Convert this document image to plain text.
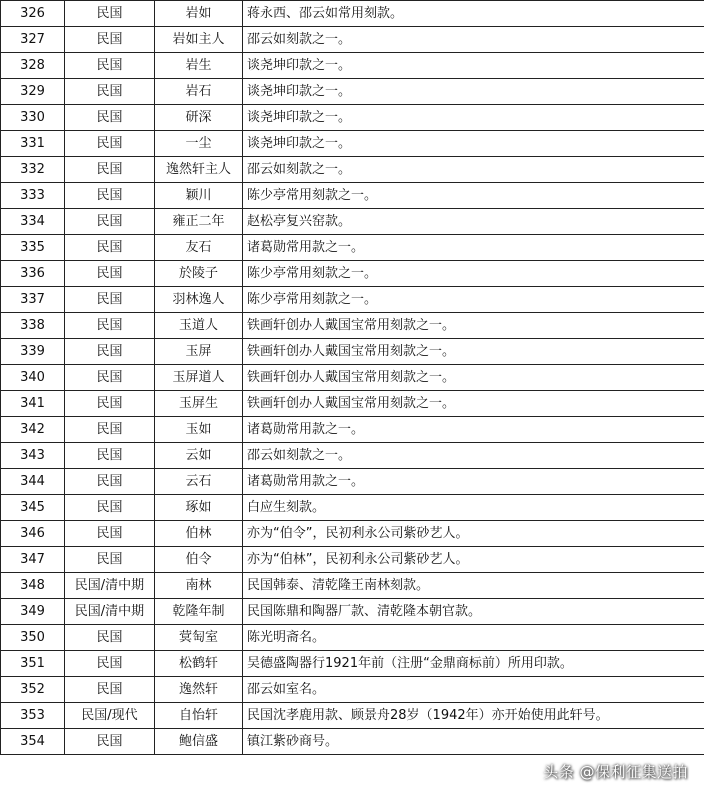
326	民国	岩如	蒋永西、邵云如常用刻款。
327	民国	岩如主人	邵云如刻款之一。
328	民国	岩生	谈尧坤印款之一。
329	民国	岩石	谈尧坤印款之一。
330	民国	研深	谈尧坤印款之一。
331	民国	一尘	谈尧坤印款之一。
332	民国	逸然轩主人	邵云如刻款之一。
333	民国	颖川	陈少亭常用刻款之一。
334	民国	雍正二年	赵松亭复兴窑款。
335	民国	友石	诸葛勋常用款之一。
336	民国	於陵子	陈少亭常用刻款之一。
337	民国	羽林逸人	陈少亭常用刻款之一。
338	民国	玉道人	铁画轩创办人戴国宝常用刻款之一。
339	民国	玉屏	铁画轩创办人戴国宝常用刻款之一。
340	民国	玉屏道人	铁画轩创办人戴国宝常用刻款之一。
341	民国	玉屏生	铁画轩创办人戴国宝常用刻款之一。
342	民国	玉如	诸葛勋常用款之一。
343	民国	云如	邵云如刻款之一。
344	民国	云石	诸葛勋常用款之一。
345	民国	琢如	白应生刻款。
346	民国	伯林	亦为“伯令”，民初利永公司紫砂艺人。
347	民国	伯令	亦为“伯林”，民初利永公司紫砂艺人。
348	民国/清中期	南林	民国韩泰、清乾隆王南林刻款。
349	民国/清中期	乾隆年制	民国陈鼎和陶器厂款、清乾隆本朝官款。
350	民国	蓂匋室	陈光明斋名。
351	民国	松鹤轩	吴德盛陶器行1921年前（注册“金鼎商标前）所用印款。
352	民国	逸然轩	邵云如室名。
353	民国/现代	自怡轩	民国沈孝鹿用款、顾景舟28岁（1942年）亦开始使用此轩号。
354	民国	鲍信盛	镇江紫砂商号。
头条 @保利征集送拍
